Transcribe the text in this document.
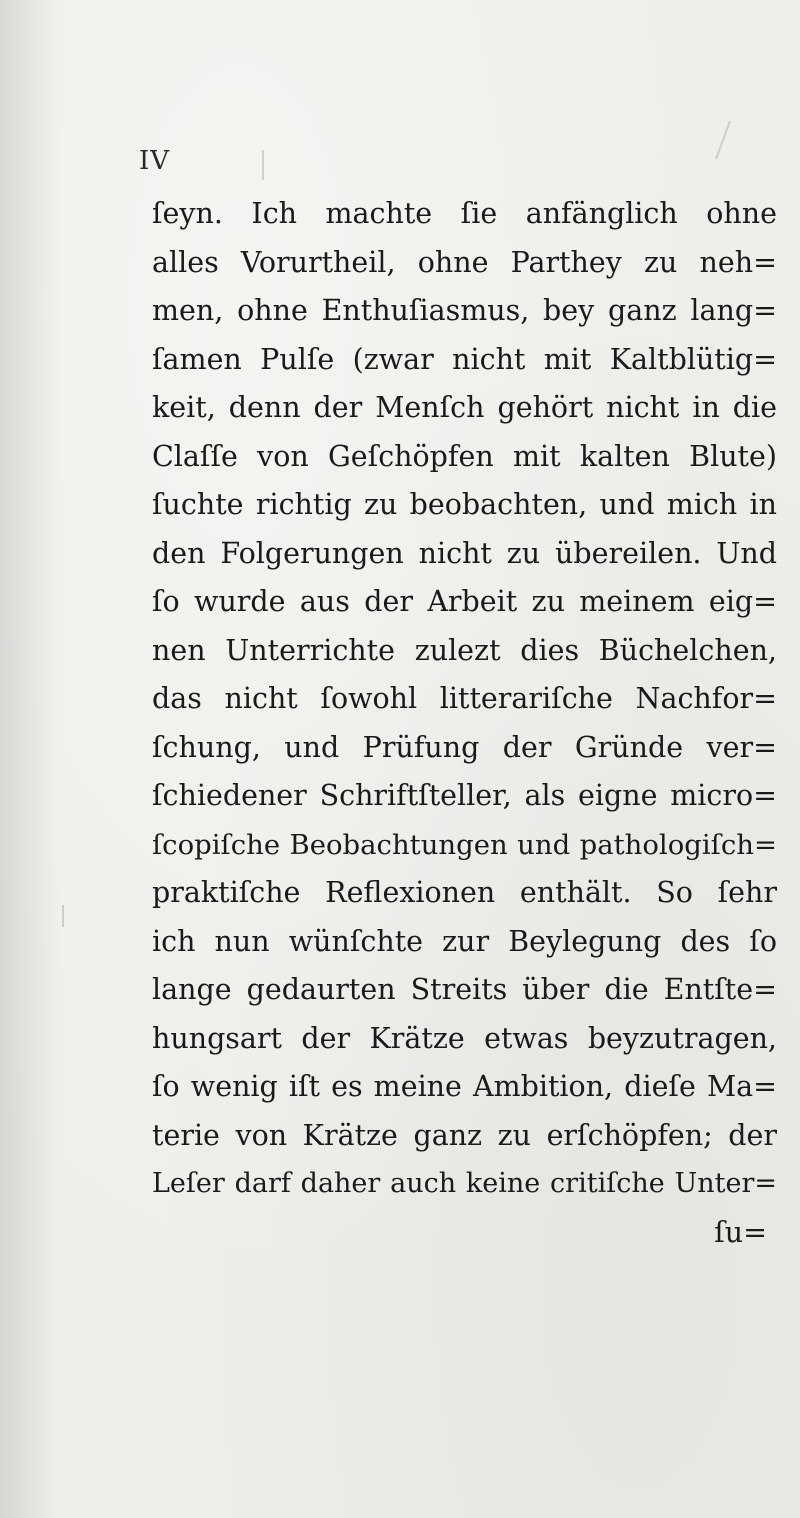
IV
ſeyn. Ich machte ſie anfänglich ohne
alles Vorurtheil, ohne Parthey zu neh=
men, ohne Enthuſiasmus, bey ganz lang=
ſamen Pulſe (zwar nicht mit Kaltblütig=
keit, denn der Menſch gehört nicht in die
Claſſe von Geſchöpfen mit kalten Blute)
ſuchte richtig zu beobachten, und mich in
den Folgerungen nicht zu übereilen. Und
ſo wurde aus der Arbeit zu meinem eig=
nen Unterrichte zulezt dies Büchelchen,
das nicht ſowohl litterariſche Nachfor=
ſchung, und Prüfung der Gründe ver=
ſchiedener Schriftſteller, als eigne micro=
ſcopiſche Beobachtungen und pathologiſch=
praktiſche Reflexionen enthält. So ſehr
ich nun wünſchte zur Beylegung des ſo
lange gedaurten Streits über die Entſte=
hungsart der Krätze etwas beyzutragen,
ſo wenig iſt es meine Ambition, dieſe Ma=
terie von Krätze ganz zu erſchöpfen; der
Leſer darf daher auch keine critiſche Unter=
ſu=
